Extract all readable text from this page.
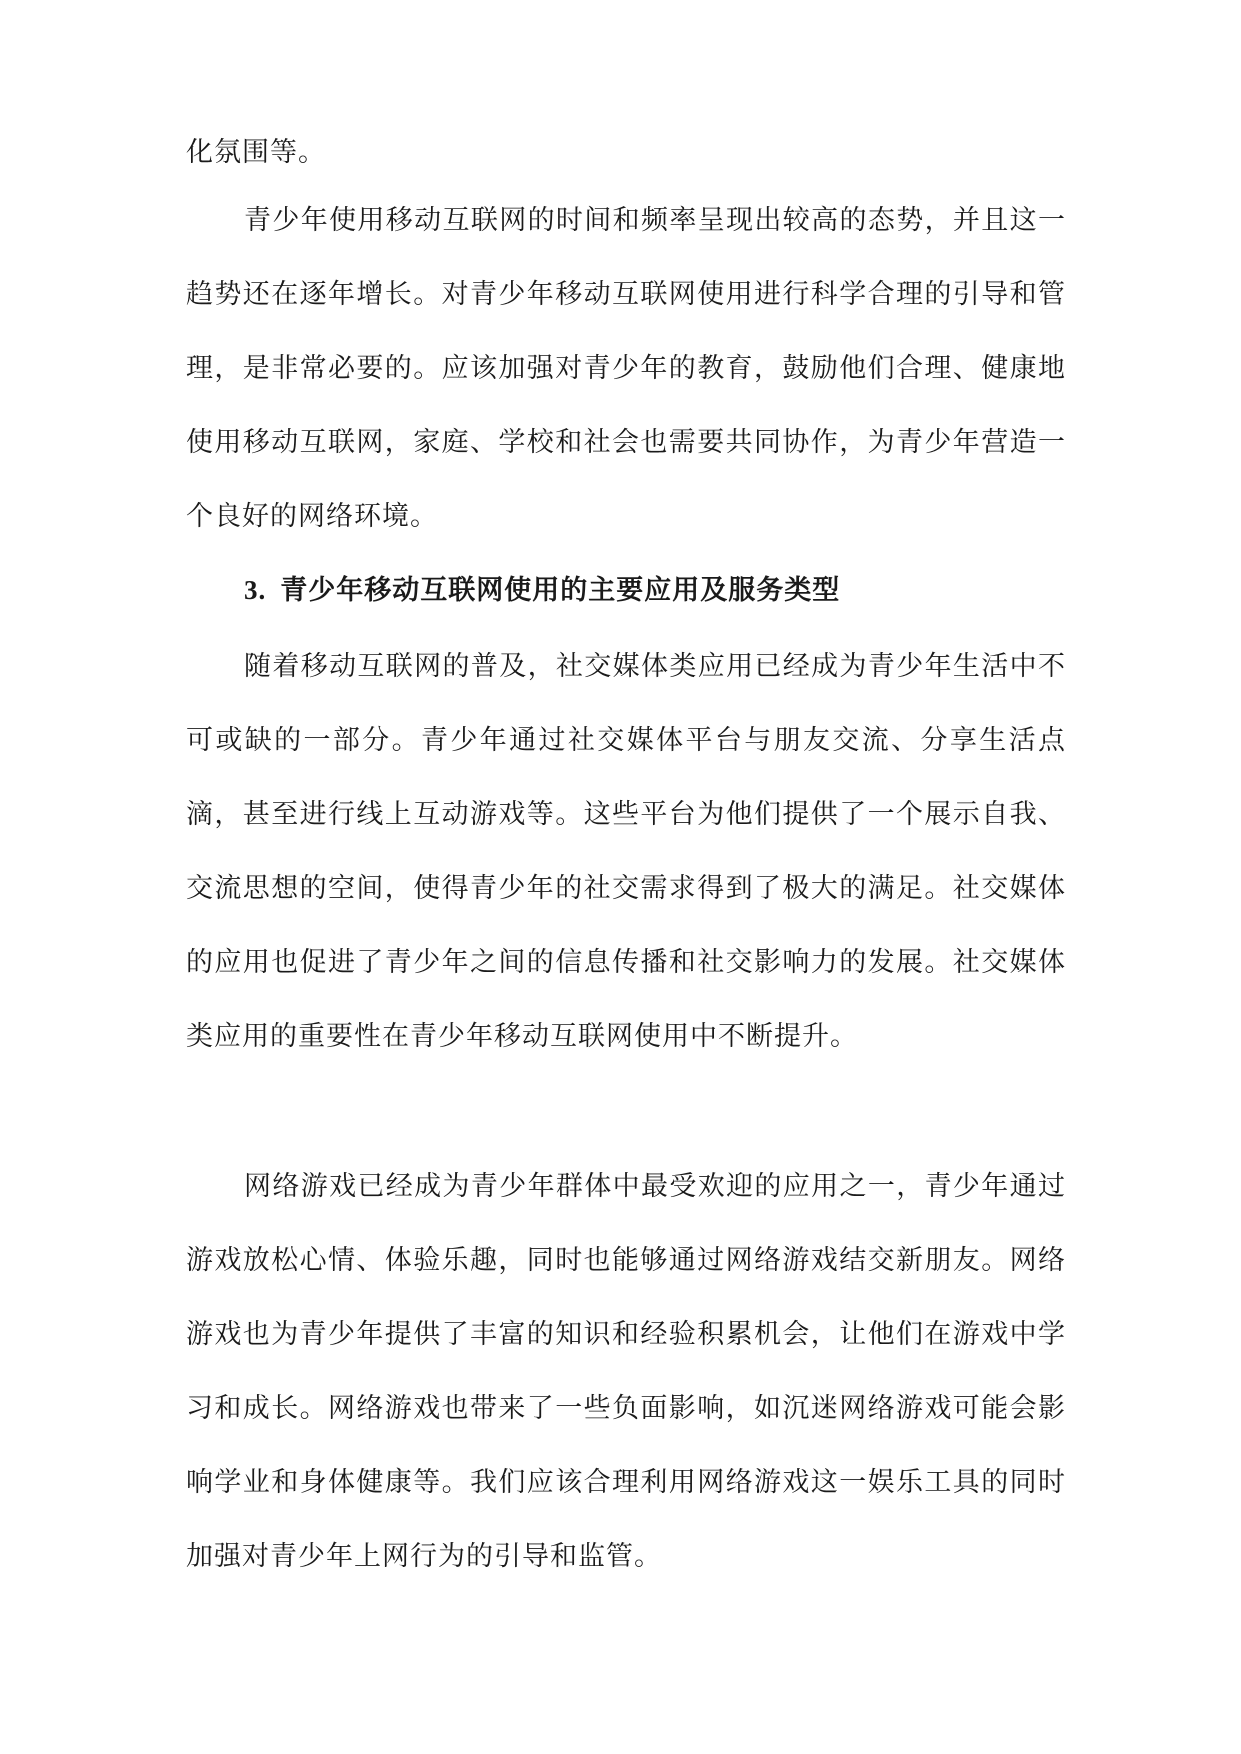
化氛围等。

青少年使用移动互联网的时间和频率呈现出较高的态势，并且这一趋势还在逐年增长。对青少年移动互联网使用进行科学合理的引导和管理，是非常必要的。应该加强对青少年的教育，鼓励他们合理、健康地使用移动互联网，家庭、学校和社会也需要共同协作，为青少年营造一个良好的网络环境。

3. 青少年移动互联网使用的主要应用及服务类型

随着移动互联网的普及，社交媒体类应用已经成为青少年生活中不可或缺的一部分。青少年通过社交媒体平台与朋友交流、分享生活点滴，甚至进行线上互动游戏等。这些平台为他们提供了一个展示自我、交流思想的空间，使得青少年的社交需求得到了极大的满足。社交媒体的应用也促进了青少年之间的信息传播和社交影响力的发展。社交媒体类应用的重要性在青少年移动互联网使用中不断提升。

网络游戏已经成为青少年群体中最受欢迎的应用之一，青少年通过游戏放松心情、体验乐趣，同时也能够通过网络游戏结交新朋友。网络游戏也为青少年提供了丰富的知识和经验积累机会，让他们在游戏中学习和成长。网络游戏也带来了一些负面影响，如沉迷网络游戏可能会影响学业和身体健康等。我们应该合理利用网络游戏这一娱乐工具的同时加强对青少年上网行为的引导和监管。
